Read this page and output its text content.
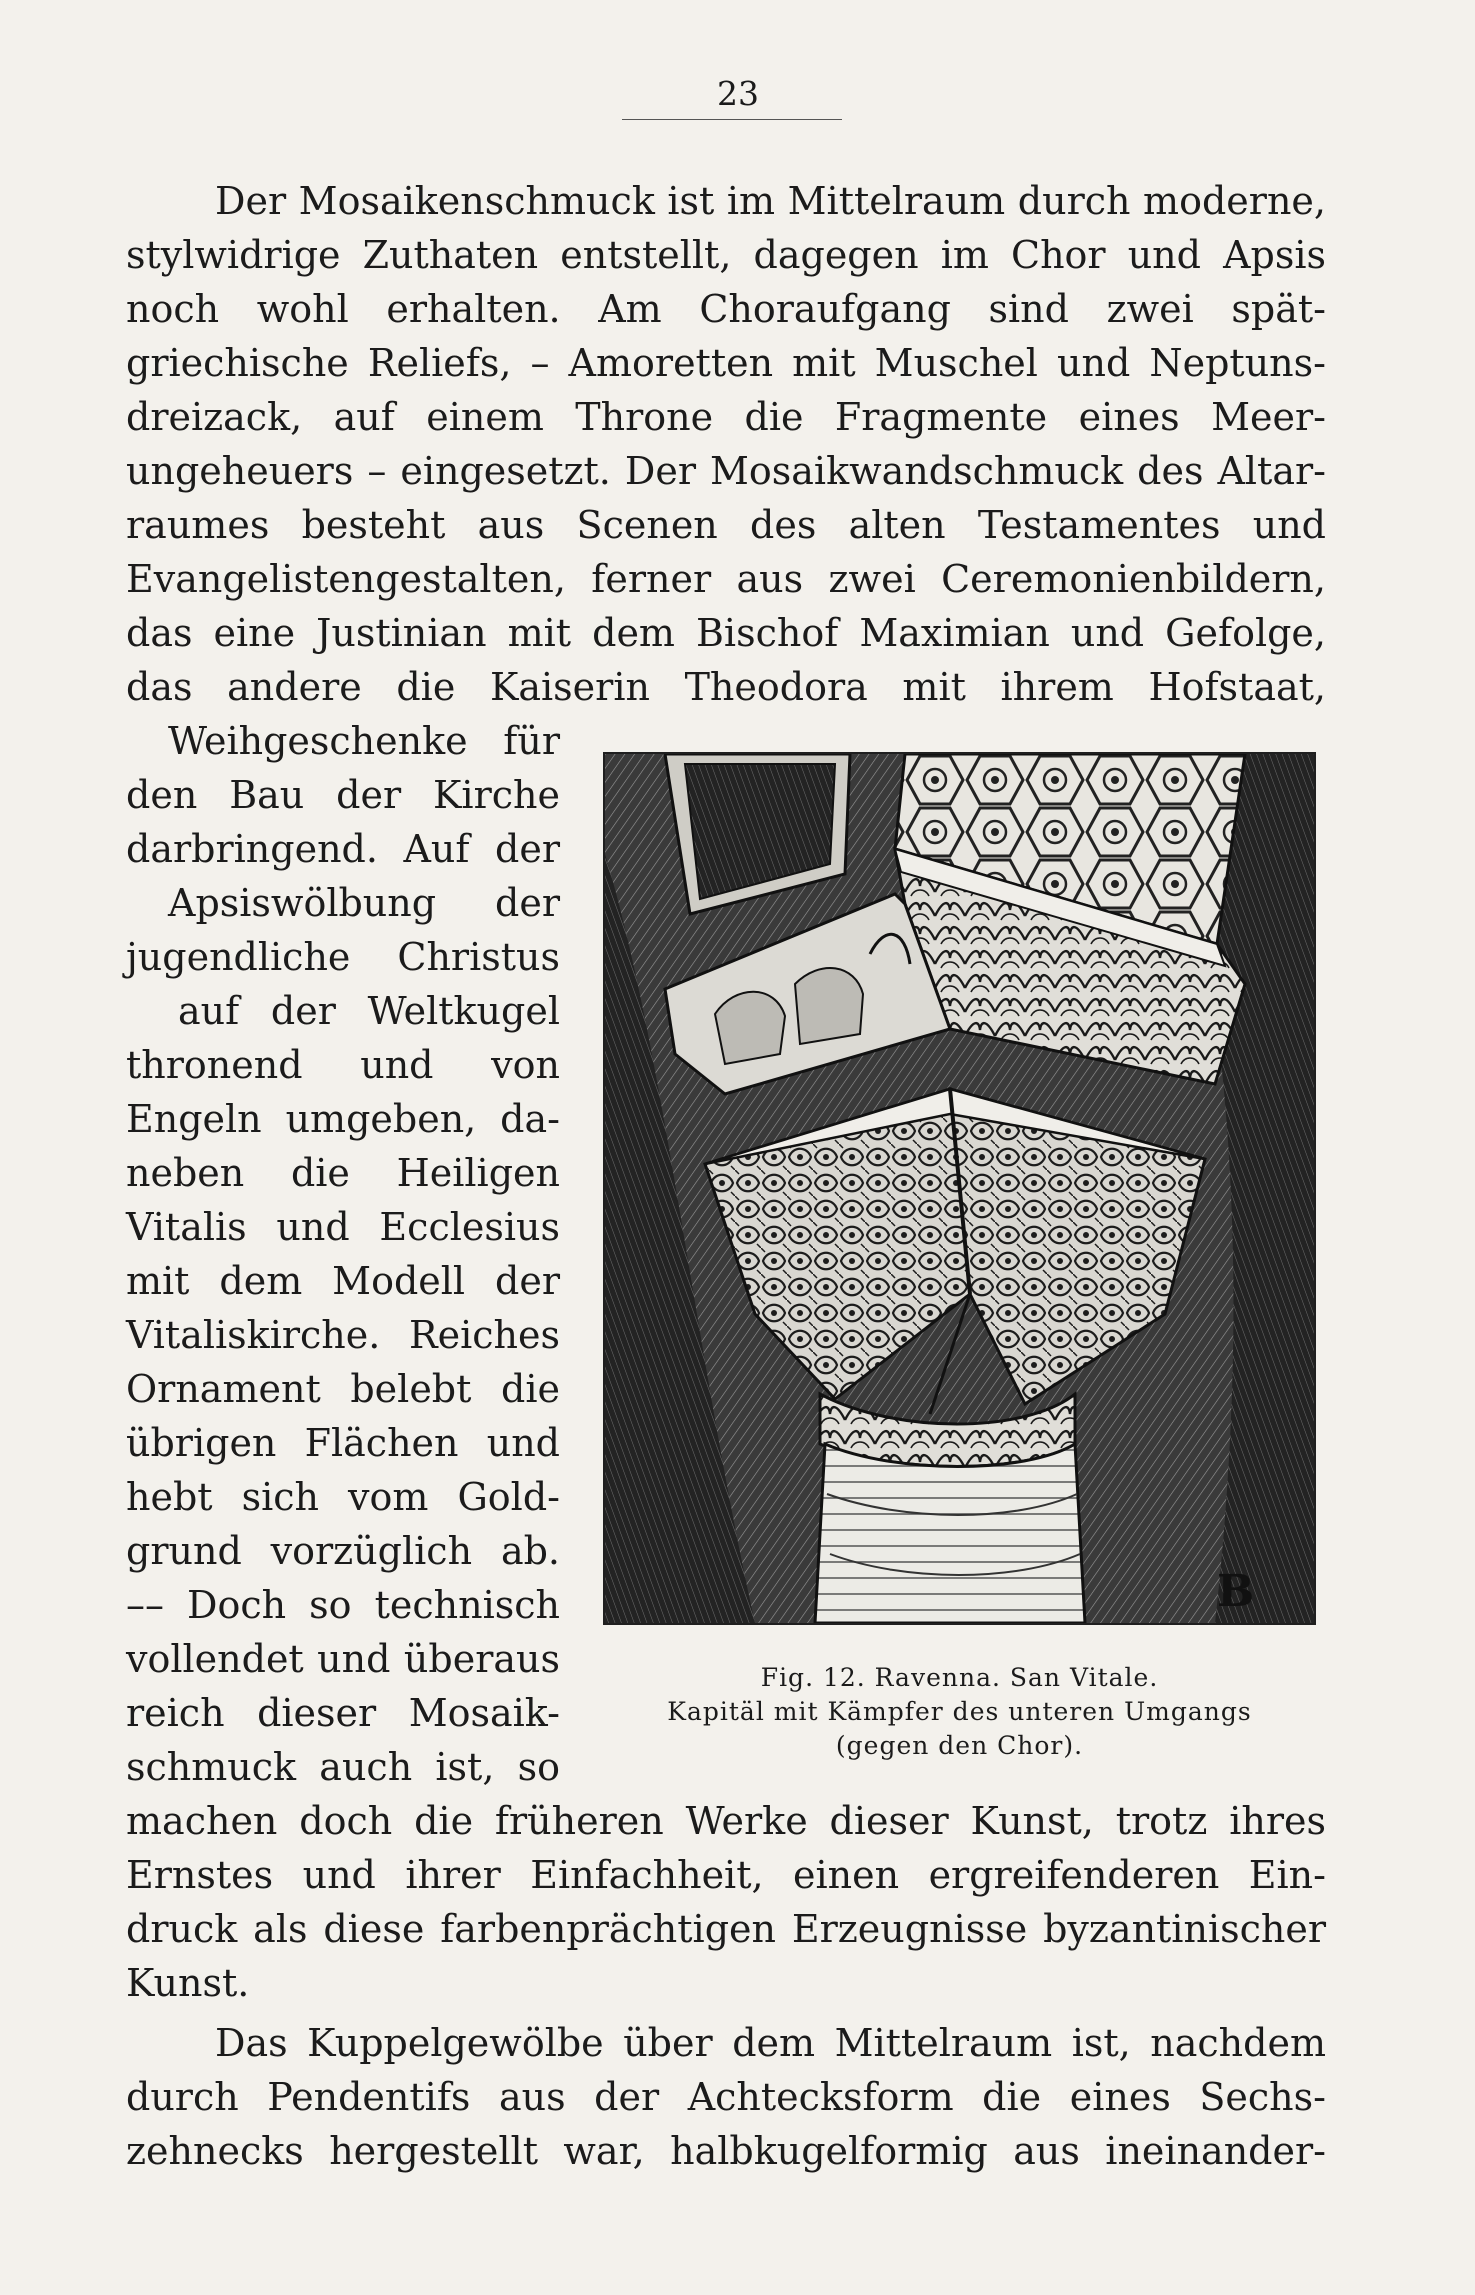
23
Der Mosaikenschmuck ist im Mittelraum durch moderne,
stylwidrige Zuthaten entstellt, dagegen im Chor und Apsis
noch wohl erhalten. Am Choraufgang sind zwei spät-
griechische Reliefs, – Amoretten mit Muschel und Neptuns-
dreizack, auf einem Throne die Fragmente eines Meer-
ungeheuers – eingesetzt. Der Mosaikwandschmuck des Altar-
raumes besteht aus Scenen des alten Testamentes und
Evangelistengestalten, ferner aus zwei Ceremonienbildern,
das eine Justinian mit dem Bischof Maximian und Gefolge,
das andere die Kaiserin Theodora mit ihrem Hofstaat,
Weihgeschenke für
den Bau der Kirche
darbringend. Auf der
Apsiswölbung der
jugendliche Christus
auf der Weltkugel
thronend und von
Engeln umgeben, da-
neben die Heiligen
Vitalis und Ecclesius
mit dem Modell der
Vitaliskirche. Reiches
Ornament belebt die
übrigen Flächen und
hebt sich vom Gold-
grund vorzüglich ab.
–– Doch so technisch
vollendet und überaus
reich dieser Mosaik-
schmuck auch ist, so
machen doch die früheren Werke dieser Kunst, trotz ihres
Ernstes und ihrer Einfachheit, einen ergreifenderen Ein-
druck als diese farbenprächtigen Erzeugnisse byzantinischer
Kunst.
Das Kuppelgewölbe über dem Mittelraum ist, nachdem
durch Pendentifs aus der Achtecksform die eines Sechs-
zehnecks hergestellt war, halbkugelformig aus ineinander-
B
Fig. 12. Ravenna. San Vitale.
Kapitäl mit Kämpfer des unteren Umgangs
(gegen den Chor).
